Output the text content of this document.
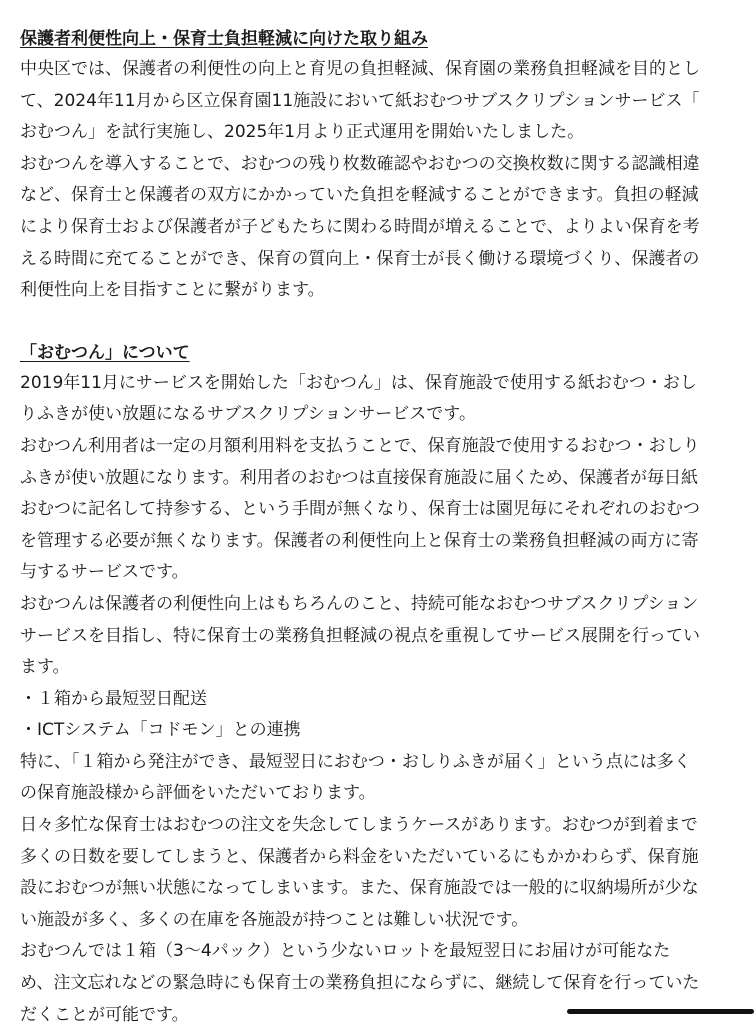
保護者利便性向上・保育士負担軽減に向けた取り組み

中央区では、保護者の利便性の向上と育児の負担軽減、保育園の業務負担軽減を目的とし
て、2024年11月から区立保育園11施設において紙おむつサブスクリプションサービス「
おむつん」を試行実施し、2025年1月より正式運用を開始いたしました。

おむつんを導入することで、おむつの残り枚数確認やおむつの交換枚数に関する認識相違
など、保育士と保護者の双方にかかっていた負担を軽減することができます。負担の軽減
により保育士および保護者が子どもたちに関わる時間が増えることで、よりよい保育を考
える時間に充てることができ、保育の質向上・保育士が長く働ける環境づくり、保護者の
利便性向上を目指すことに繋がります。

「おむつん」について

2019年11月にサービスを開始した「おむつん」は、保育施設で使用する紙おむつ・おし
りふきが使い放題になるサブスクリプションサービスです。

おむつん利用者は一定の月額利用料を支払うことで、保育施設で使用するおむつ・おしり
ふきが使い放題になります。利用者のおむつは直接保育施設に届くため、保護者が毎日紙
おむつに記名して持参する、という手間が無くなり、保育士は園児毎にそれぞれのおむつ
を管理する必要が無くなります。保護者の利便性向上と保育士の業務負担軽減の両方に寄
与するサービスです。

おむつんは保護者の利便性向上はもちろんのこと、持続可能なおむつサブスクリプション
サービスを目指し、特に保育士の業務負担軽減の視点を重視してサービス展開を行ってい
ます。

・１箱から最短翌日配送

・ICTシステム「コドモン」との連携

特に、「１箱から発注ができ、最短翌日におむつ・おしりふきが届く」という点には多く
の保育施設様から評価をいただいております。

日々多忙な保育士はおむつの注文を失念してしまうケースがあります。おむつが到着まで
多くの日数を要してしまうと、保護者から料金をいただいているにもかかわらず、保育施
設におむつが無い状態になってしまいます。また、保育施設では一般的に収納場所が少な
い施設が多く、多くの在庫を各施設が持つことは難しい状況です。

おむつんでは１箱（3〜4パック）という少ないロットを最短翌日にお届けが可能なた
め、注文忘れなどの緊急時にも保育士の業務負担にならずに、継続して保育を行っていた
だくことが可能です。
